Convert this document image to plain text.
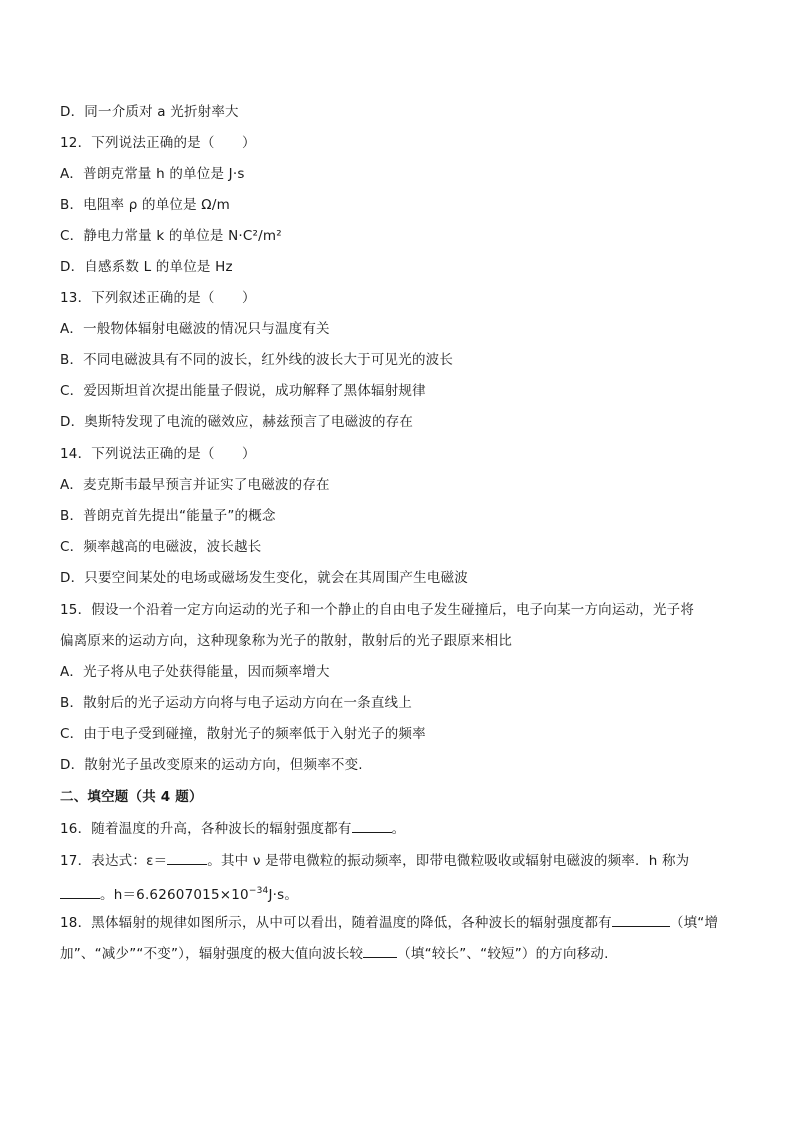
D．同一介质对 a 光折射率大
12．下列说法正确的是（　　）
A．普朗克常量 h 的单位是 J·s
B．电阻率 ρ 的单位是 Ω/m
C．静电力常量 k 的单位是 N·C²/m²
D．自感系数 L 的单位是 Hz
13．下列叙述正确的是（　　）
A．一般物体辐射电磁波的情况只与温度有关
B．不同电磁波具有不同的波长，红外线的波长大于可见光的波长
C．爱因斯坦首次提出能量子假说，成功解释了黑体辐射规律
D．奥斯特发现了电流的磁效应，赫兹预言了电磁波的存在
14．下列说法正确的是（　　）
A．麦克斯韦最早预言并证实了电磁波的存在
B．普朗克首先提出“能量子”的概念
C．频率越高的电磁波，波长越长
D．只要空间某处的电场或磁场发生变化，就会在其周围产生电磁波
15．假设一个沿着一定方向运动的光子和一个静止的自由电子发生碰撞后，电子向某一方向运动，光子将
偏离原来的运动方向，这种现象称为光子的散射，散射后的光子跟原来相比
A．光子将从电子处获得能量，因而频率增大
B．散射后的光子运动方向将与电子运动方向在一条直线上
C．由于电子受到碰撞，散射光子的频率低于入射光子的频率
D．散射光子虽改变原来的运动方向，但频率不变.
二、填空题（共 4 题）
16．随着温度的升高，各种波长的辐射强度都有	。
17．表达式：ε＝	。其中 ν 是带电微粒的振动频率，即带电微粒吸收或辐射电磁波的频率．h 称为
。$h=6.62607015\times 10^{-34}J\cdot s$。
18．黑体辐射的规律如图所示，从中可以看出，随着温度的降低，各种波长的辐射强度都有	（填“增
加”、“减少”“不变”），辐射强度的极大值向波长较	（填“较长”、“较短”）的方向移动.
